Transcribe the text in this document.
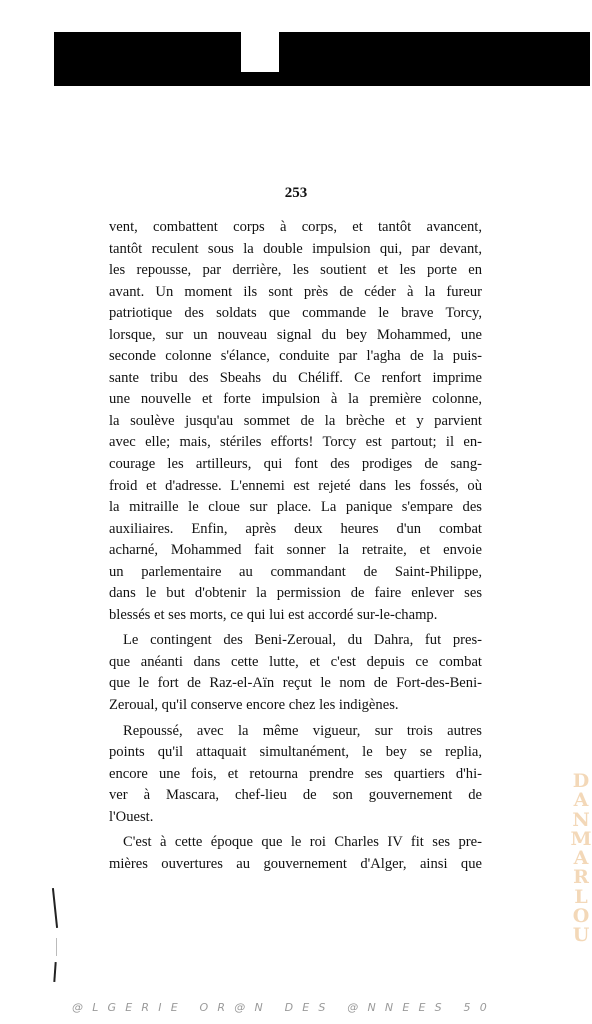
253
vent, combattent corps à corps, et tantôt avancent,
tantôt reculent sous la double impulsion qui, par devant,
les repousse, par derrière, les soutient et les porte en
avant. Un moment ils sont près de céder à la fureur
patriotique des soldats que commande le brave Torcy,
lorsque, sur un nouveau signal du bey Mohammed, une
seconde colonne s'élance, conduite par l'agha de la puis-
sante tribu des Sbeahs du Chéliff. Ce renfort imprime
une nouvelle et forte impulsion à la première colonne,
la soulève jusqu'au sommet de la brèche et y parvient
avec elle; mais, stériles efforts! Torcy est partout; il en-
courage les artilleurs, qui font des prodiges de sang-
froid et d'adresse. L'ennemi est rejeté dans les fossés, où
la mitraille le cloue sur place. La panique s'empare des
auxiliaires. Enfin, après deux heures d'un combat
acharné, Mohammed fait sonner la retraite, et envoie
un parlementaire au commandant de Saint-Philippe,
dans le but d'obtenir la permission de faire enlever ses
blessés et ses morts, ce qui lui est accordé sur-le-champ.
Le contingent des Beni-Zeroual, du Dahra, fut pres-
que anéanti dans cette lutte, et c'est depuis ce combat
que le fort de Raz-el-Aïn reçut le nom de Fort-des-Beni-
Zeroual, qu'il conserve encore chez les indigènes.
Repoussé, avec la même vigueur, sur trois autres
points qu'il attaquait simultanément, le bey se replia,
encore une fois, et retourna prendre ses quartiers d'hi-
ver à Mascara, chef-lieu de son gouvernement de
l'Ouest.
C'est à cette époque que le roi Charles IV fit ses pre-
mières ouvertures au gouvernement d'Alger, ainsi que
D
A
N
M
A
R
L
O
U
@LGERIE OR@N DES @NNEES 50
